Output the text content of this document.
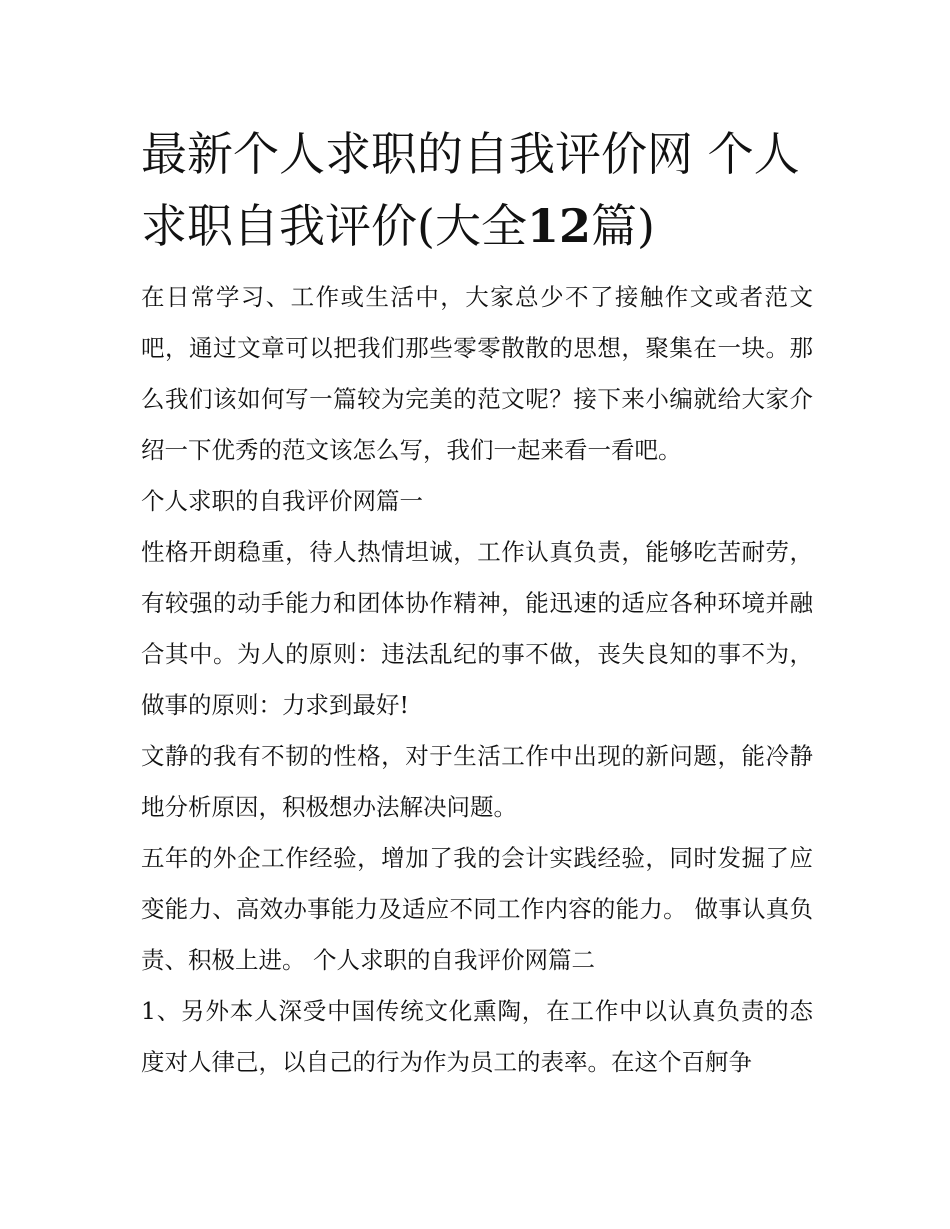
最新个人求职的自我评价网 个人求职自我评价(大全12篇)

在日常学习、工作或生活中，大家总少不了接触作文或者范文吧，通过文章可以把我们那些零零散散的思想，聚集在一块。那么我们该如何写一篇较为完美的范文呢？接下来小编就给大家介绍一下优秀的范文该怎么写，我们一起来看一看吧。

个人求职的自我评价网篇一

性格开朗稳重，待人热情坦诚，工作认真负责，能够吃苦耐劳，有较强的动手能力和团体协作精神，能迅速的适应各种环境并融合其中。为人的原则：违法乱纪的事不做，丧失良知的事不为，做事的原则：力求到最好!

文静的我有不韧的性格，对于生活工作中出现的新问题，能冷静地分析原因，积极想办法解决问题。

五年的外企工作经验，增加了我的会计实践经验，同时发掘了应变能力、高效办事能力及适应不同工作内容的能力。 做事认真负责、积极上进。 个人求职的自我评价网篇二

1、另外本人深受中国传统文化熏陶，在工作中以认真负责的态度对人律己，以自己的行为作为员工的表率。在这个百舸争
